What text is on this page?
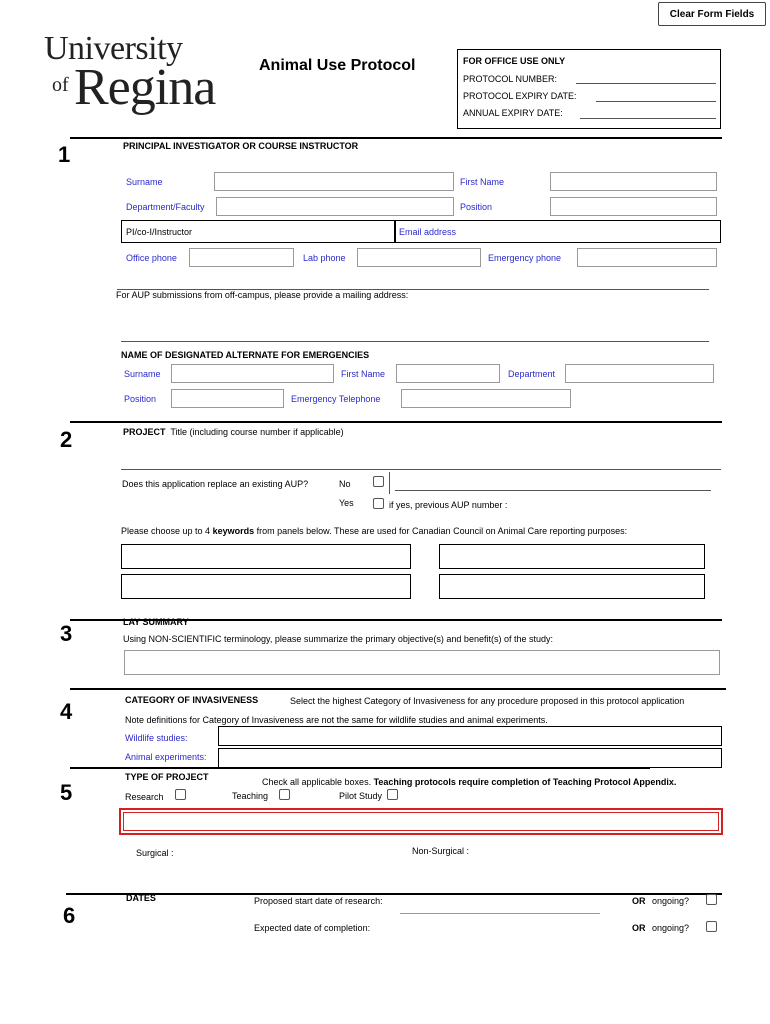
Clear Form Fields
University
of Regina	Animal Use Protocol	FOR OFFICE USE ONLY
PROTOCOL NUMBER:
PROTOCOL EXPIRY DATE:
ANNUAL EXPIRY DATE:
1	PRINCIPAL INVESTIGATOR OR COURSE INSTRUCTOR
Surname	First Name
Department/Faculty	Position
PI/co-I/Instructor	Email address
Office phone	Lab phone	Emergency phone
For AUP submissions from off-campus, please provide a mailing address:
NAME OF DESIGNATED ALTERNATE FOR EMERGENCIES
Surname	First Name	Department
Position	Emergency Telephone
2	PROJECT Title (including course number if applicable)
Does this application replace an existing AUP?	No
Yes	if yes, previous AUP number :
Please choose up to 4 keywords from panels below. These are used for Canadian Council on Animal Care reporting purposes:
3	LAY SUMMARY
Using NON-SCIENTIFIC terminology, please summarize the primary objective(s) and benefit(s) of the study:
4	CATEGORY OF INVASIVENESS	Select the highest Category of Invasiveness for any procedure proposed in this protocol application
Note definitions for Category of Invasiveness are not the same for wildlife studies and animal experiments.
Wildlife studies:
Animal experiments:
5
TYPE OF PROJECT	Check all applicable boxes. Teaching protocols require completion of Teaching Protocol Appendix.
Research	Teaching	Pilot Study
Surgical :	Non-Surgical :
6
DATES	Proposed start date of research:	OR ongoing?
Expected date of completion:	OR ongoing?
